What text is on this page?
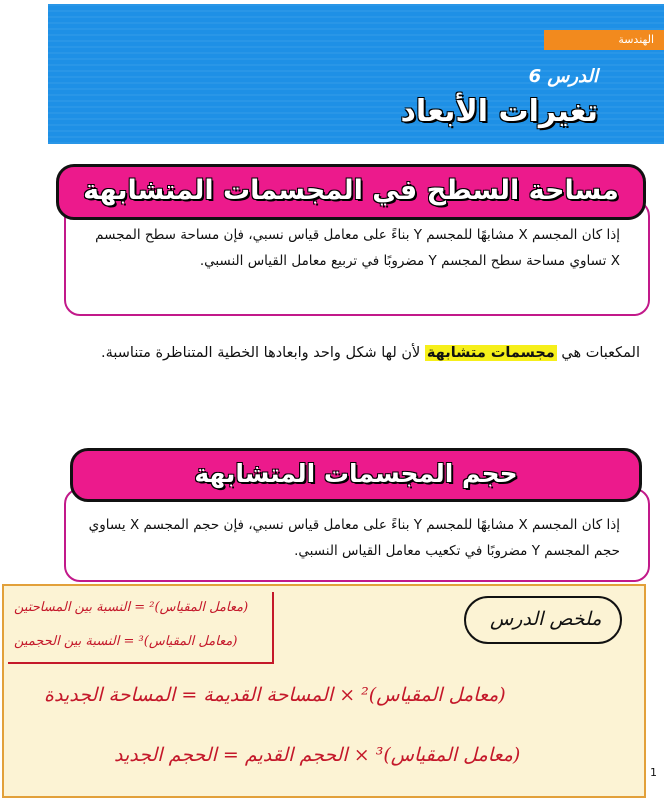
الهندسة
الدرس 6
تغيرات الأبعاد
مساحة السطح في المجسمات المتشابهة
إذا كان المجسم X مشابهًا للمجسم Y بناءً على معامل قياس نسبي، فإن مساحة سطح المجسم X تساوي مساحة سطح المجسم Y مضروبًا في تربيع معامل القياس النسبي.
المكعبات هي مجسمات متشابهة لأن لها شكل واحد وابعادها الخطية المتناظرة متناسبة.
حجم المجسمات المتشابهة
إذا كان المجسم X مشابهًا للمجسم Y بناءً على معامل قياس نسبي، فإن حجم المجسم X يساوي حجم المجسم Y مضروبًا في تكعيب معامل القياس النسبي.
ملخص الدرس
(معامل المقياس)² = النسبة بين المساحتين
(معامل المقياس)³ = النسبة بين الحجمين
(معامل المقياس)² × المساحة القديمة = المساحة الجديدة
(معامل المقياس)³ × الحجم القديم = الحجم الجديد
1
